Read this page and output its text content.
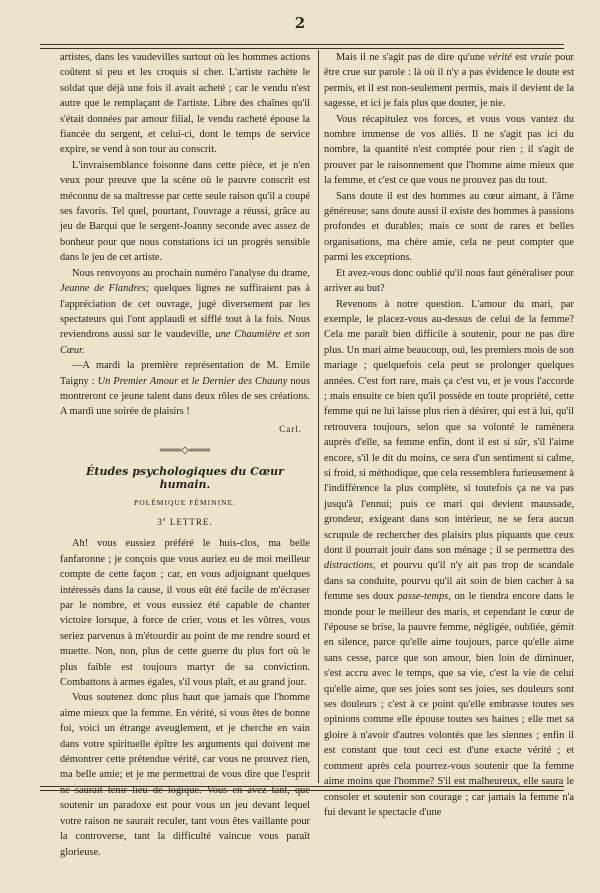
2

artistes, dans les vaudevilles surtout où les hommes actions coûtent si peu et les croquis si cher. L'artiste rachète le soldat que déjà une fois il avait acheté ; car le vendu n'est autre que le remplaçant de l'artiste. Libre des chaînes qu'il s'était données par amour filial, le vendu racheté épouse la fiancée du sergent, et celui-ci, dont le temps de service expire, se vend à son tour au conscrit.

L'invraisemblance foisonne dans cette pièce, et je n'en veux pour preuve que la scène où le pauvre conscrit est méconnu de sa maîtresse par cette seule raison qu'il a coupé ses favoris. Tel quel, pourtant, l'ouvrage a réussi, grâce au jeu de Barqui que le sergent-Joanny seconde avec assez de bonheur pour que nous constations ici un progrès sensible dans le jeu de cet artiste.

Nous renvoyons au prochain numéro l'analyse du drame, Jeanne de Flandres; quelques lignes ne suffiraient pas à l'appréciation de cet ouvrage, jugé diversement par les spectateurs qui l'ont applaudi et sifflé tout à la fois. Nous reviendrons aussi sur le vaudeville, une Chaumière et son Cœur.

—A mardi la première représentation de M. Emile Taigny : Un Premier Amour et le Dernier des Chauny nous montreront ce jeune talent dans deux rôles de ses créations. A mardi une soirée de plaisirs !

Carl.
═══◇═══
Études psychologiques du Cœur humain.
POLÉMIQUE FÉMININE.
3e LETTRE.

Ah! vous eussiez préféré le huis-clos, ma belle fanfaronne ; je conçois que vous auriez eu de moi meilleur compte de cette façon ; car, en vous adjoignant quelques intéressés dans la cause, il vous eût été facile de m'écraser par le nombre, et vous eussiez été capable de chanter victoire lorsque, à force de crier, vous et les vôtres, vous seriez parvenus à m'étourdir au point de me rendre sourd et muette. Non, non, plus de cette guerre du plus fort où le plus faible est toujours martyr de sa conviction. Combattons à armes égales, s'il vous plaît, et au grand jour.

Vous soutenez donc plus haut que jamais que l'homme aime mieux que la femme. En vérité, si vous êtes de bonne foi, voici un étrange aveuglement, et je cherche en vain dans votre spirituelle épître les arguments qui doivent me démontrer cette prétendue vérité, car vous ne prouvez rien, ma belle amie; et je me permettrai de vous dire que l'esprit ne saurait tenir lieu de logique. Vous en avez tant, que soutenir un paradoxe est pour vous un jeu devant lequel votre raison ne saurait reculer, tant vous êtes vaillante pour la controverse, tant la difficulté vaincue vous paraît glorieuse.

Mais il ne s'agit pas de dire qu'une vérité est vraie pour être crue sur parole : là où il n'y a pas évidence le doute est permis, et il est non-seulement permis, mais il devient de la sagesse, et ici je fais plus que douter, je nie.

Vous récapitulez vos forces, et vous vous vantez du nombre immense de vos alliés. Il ne s'agit pas ici du nombre, la quantité n'est comptée pour rien ; il s'agit de prouver par le raisonnement que l'homme aime mieux que la femme, et c'est ce que vous ne prouvez pas du tout.

Sans doute il est des hommes au cœur aimant, à l'âme généreuse; sans doute aussi il existe des hommes à passions profondes et durables; mais ce sont de rares et belles organisations, ma chère amie, cela ne peut compter que parmi les exceptions.

Et avez-vous donc oublié qu'il nous faut généraliser pour arriver au but?

Revenons à notre question. L'amour du mari, par exemple, le placez-vous au-dessus de celui de la femme? Cela me paraît bien difficile à soutenir, pour ne pas dire plus. Un mari aime beaucoup, oui, les premiers mois de son mariage ; quelquefois cela peut se prolonger quelques années. C'est fort rare, mais ça c'est vu, et je vous l'accorde ; mais ensuite ce bien qu'il possède en toute propriété, cette femme qui ne lui laisse plus rien à désirer, qui est à lui, qu'il retrouvera toujours, selon que sa volonté le ramènera auprès d'elle, sa femme enfin, dont il est si sûr, s'il l'aime encore, s'il le dit du moins, ce sera d'un sentiment si calme, si froid, si méthodique, que cela ressemblera furieusement à l'indifférence la plus complète, si toutefois ça ne va pas jusqu'à l'ennui; puis ce mari qui devient maussade, grondeur, exigeant dans son intérieur, ne se fera aucun scrupule de rechercher des plaisirs plus piquants que ceux dont il pourrait jouir dans son ménage ; il se permettra des distractions, et pourvu qu'il n'y ait pas trop de scandale dans sa conduite, pourvu qu'il ait soin de bien cacher à sa femme ses doux passe-temps, on le tiendra encore dans le monde pour le meilleur des maris, et cependant le cœur de l'épouse se brise, la pauvre femme, négligée, oubliée, gémit en silence, parce qu'elle aime toujours, parce qu'elle aime sans cesse, parce que son amour, bien loin de diminuer, s'est accru avec le temps, que sa vie, c'est la vie de celui qu'elle aime, que ses joies sont ses joies, ses douleurs sont ses douleurs ; c'est à ce point qu'elle embrasse toutes ses opinions comme elle épouse toutes ses haines ; elle met sa gloire à n'avoir d'autres volontés que les siennes ; enfin il est constant que tout ceci est d'une exacte vérité ; et comment après cela pourrez-vous soutenir que la femme aime moins que l'homme? S'il est malheureux, elle saura le consoler et soutenir son courage ; car jamais la femme n'a fui devant le spectacle d'une
